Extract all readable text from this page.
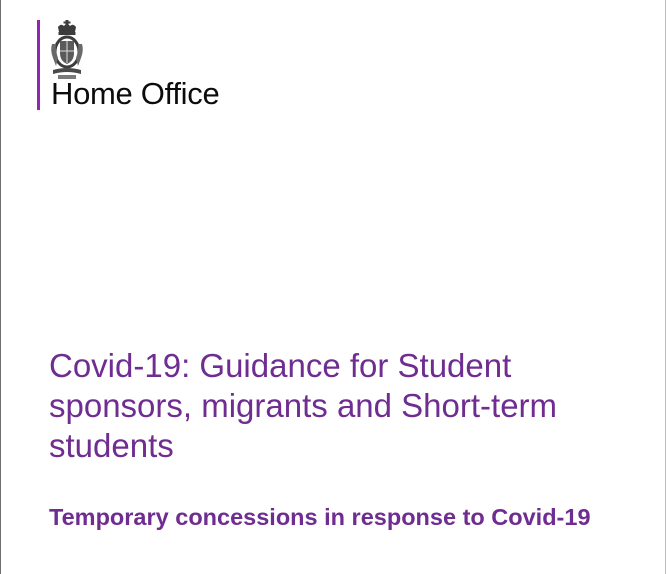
Home Office
Covid-19: Guidance for Student sponsors, migrants and Short-term students
Temporary concessions in response to Covid-19
